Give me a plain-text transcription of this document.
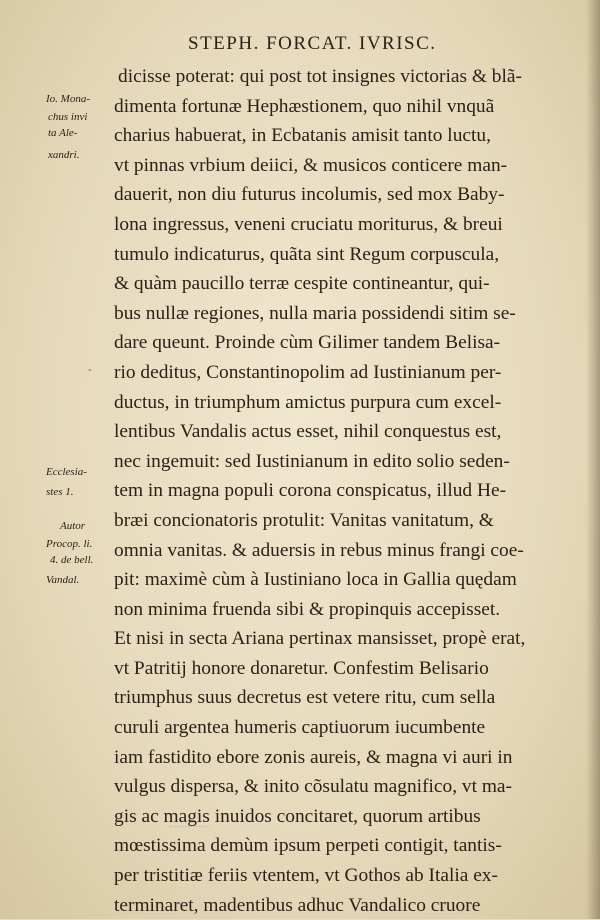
STEPH. FORCAT. IVRISC.
Io. Mona-
chus invi
ta Ale-
xandri.
Ecclesia-
stes 1.
Autor
Procop. li.
4. de bell.
Vandal.
-
dicisse poterat: qui post tot insignes victorias & blã-
dimenta fortunæ Hephæstionem, quo nihil vnquã
charius habuerat, in Ecbatanis amisit tanto luctu,
vt pinnas vrbium deiici, & musicos conticere man-
dauerit, non diu futurus incolumis, sed mox Baby-
lona ingressus, veneni cruciatu moriturus, & breui
tumulo indicaturus, quãta sint Regum corpuscula,
& quàm paucillo terræ cespite contineantur, qui-
bus nullæ regiones, nulla maria possidendi sitim se-
dare queunt. Proinde cùm Gilimer tandem Belisa-
rio deditus, Constantinopolim ad Iustinianum per-
ductus, in triumphum amictus purpura cum excel-
lentibus Vandalis actus esset, nihil conquestus est,
nec ingemuit: sed Iustinianum in edito solio seden-
tem in magna populi corona conspicatus, illud He-
bræi concionatoris protulit: Vanitas vanitatum, &
omnia vanitas. & aduersis in rebus minus frangi coe-
pit: maximè cùm à Iustiniano loca in Gallia quędam
non minima fruenda sibi & propinquis accepisset.
Et nisi in secta Ariana pertinax mansisset, propè erat,
vt Patritij honore donaretur. Confestim Belisario
triumphus suus decretus est vetere ritu, cum sella
curuli argentea humeris captiuorum iucumbente
iam fastidito ebore zonis aureis, & magna vi auri in
vulgus dispersa, & inito cõsulatu magnifico, vt ma-
gis ac magis inuidos concitaret, quorum artibus
mœstissima demùm ipsum perpeti contigit, tantis-
per tristitiæ feriis vtentem, vt Gothos ab Italia ex-
terminaret, madentibus adhuc Vandalico cruore
